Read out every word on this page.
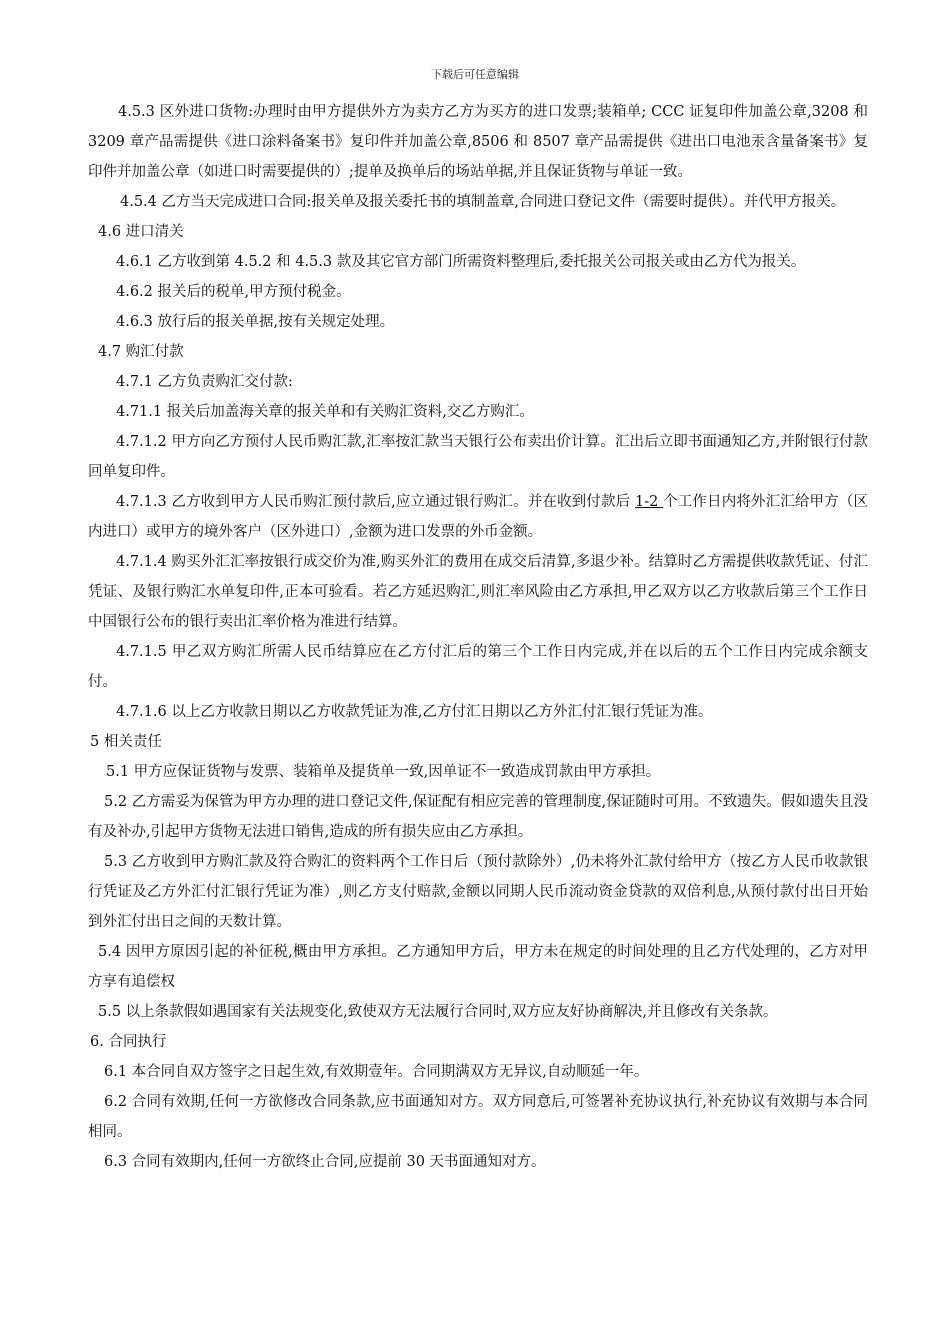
下载后可任意编辑

4.5.3 区外进口货物:办理时由甲方提供外方为卖方乙方为买方的进口发票;装箱单; CCC 证复印件加盖公章,3208 和 3209 章产品需提供《进口涂料备案书》复印件并加盖公章,8506 和 8507 章产品需提供《进出口电池汞含量备案书》复印件并加盖公章（如进口时需要提供的）;提单及换单后的场站单据,并且保证货物与单证一致。

4.5.4 乙方当天完成进口合同:报关单及报关委托书的填制盖章,合同进口登记文件（需要时提供）。并代甲方报关。

4.6 进口清关

4.6.1 乙方收到第 4.5.2 和 4.5.3 款及其它官方部门所需资料整理后,委托报关公司报关或由乙方代为报关。

4.6.2 报关后的税单,甲方预付税金。

4.6.3 放行后的报关单据,按有关规定处理。

4.7 购汇付款

4.7.1 乙方负责购汇交付款:

4.71.1 报关后加盖海关章的报关单和有关购汇资料,交乙方购汇。

4.7.1.2 甲方向乙方预付人民币购汇款,汇率按汇款当天银行公布卖出价计算。汇出后立即书面通知乙方,并附银行付款回单复印件。

4.7.1.3 乙方收到甲方人民币购汇预付款后,应立通过银行购汇。并在收到付款后 1-2 个工作日内将外汇汇给甲方（区内进口）或甲方的境外客户（区外进口）,金额为进口发票的外币金额。

4.7.1.4 购买外汇汇率按银行成交价为准,购买外汇的费用在成交后清算,多退少补。结算时乙方需提供收款凭证、付汇凭证、及银行购汇水单复印件,正本可验看。若乙方延迟购汇,则汇率风险由乙方承担,甲乙双方以乙方收款后第三个工作日中国银行公布的银行卖出汇率价格为准进行结算。

4.7.1.5 甲乙双方购汇所需人民币结算应在乙方付汇后的第三个工作日内完成,并在以后的五个工作日内完成余额支付。

4.7.1.6 以上乙方收款日期以乙方收款凭证为准,乙方付汇日期以乙方外汇付汇银行凭证为准。

5 相关责任

5.1 甲方应保证货物与发票、装箱单及提货单一致,因单证不一致造成罚款由甲方承担。

5.2 乙方需妥为保管为甲方办理的进口登记文件,保证配有相应完善的管理制度,保证随时可用。不致遗失。假如遗失且没有及补办,引起甲方货物无法进口销售,造成的所有损失应由乙方承担。

5.3 乙方收到甲方购汇款及符合购汇的资料两个工作日后（预付款除外）,仍未将外汇款付给甲方（按乙方人民币收款银行凭证及乙方外汇付汇银行凭证为准）,则乙方支付赔款,金额以同期人民币流动资金贷款的双倍利息,从预付款付出日开始到外汇付出日之间的天数计算。

5.4 因甲方原因引起的补征税,概由甲方承担。乙方通知甲方后，甲方未在规定的时间处理的且乙方代处理的，乙方对甲方享有追偿权

5.5 以上条款假如遇国家有关法规变化,致使双方无法履行合同时,双方应友好协商解决,并且修改有关条款。

6. 合同执行

6.1 本合同自双方签字之日起生效,有效期壹年。合同期满双方无异议,自动顺延一年。

6.2 合同有效期,任何一方欲修改合同条款,应书面通知对方。双方同意后,可签署补充协议执行,补充协议有效期与本合同相同。

6.3 合同有效期内,任何一方欲终止合同,应提前 30 天书面通知对方。
